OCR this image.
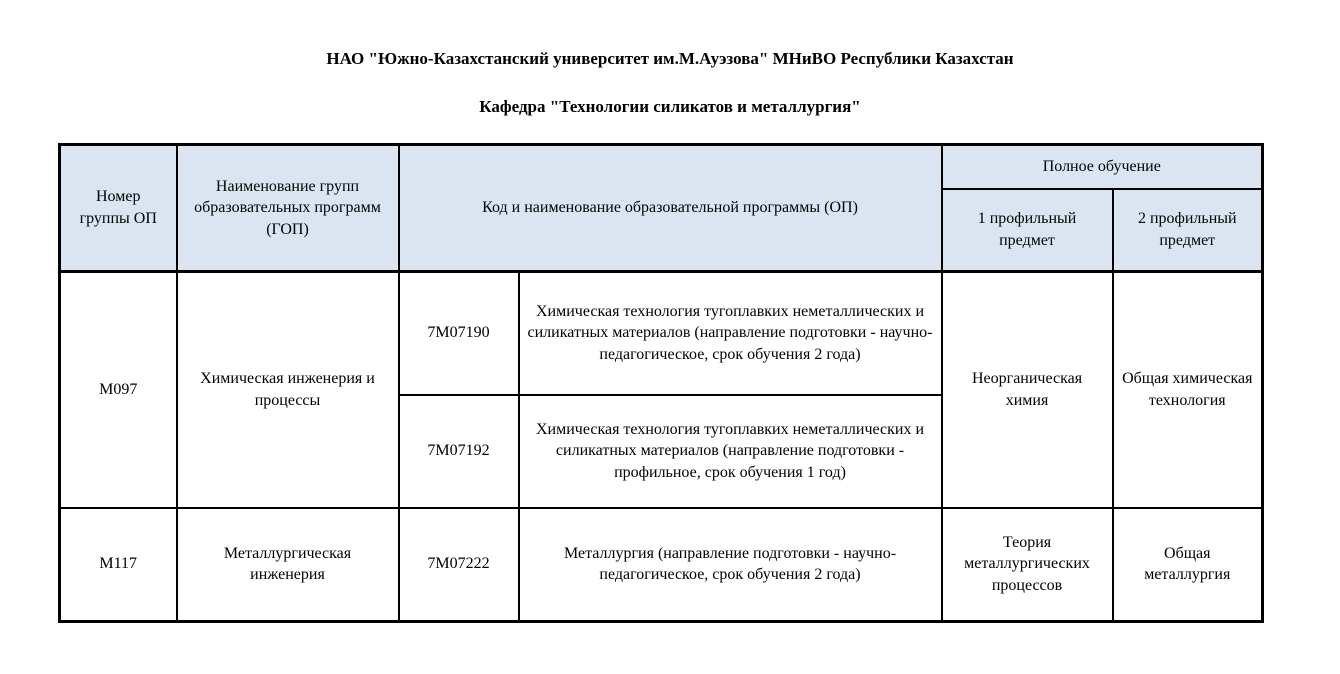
НАО "Южно-Казахстанский университет им.М.Ауэзова" МНиВО Республики Казахстан
Кафедра "Технологии силикатов и металлургия"
Номер группы ОП	Наименование групп образовательных программ (ГОП)	Код и наименование образовательной программы (ОП)		Полное обучение	
				1 профильный предмет	2 профильный предмет
М097	Химическая инженерия и процессы	7М07190	Химическая технология тугоплавких неметаллических и силикатных материалов (направление подготовки - научно-педагогическое, срок обучения 2 года)	Неорганическая химия	Общая химическая технология
		7М07192	Химическая технология тугоплавких неметаллических и силикатных материалов (направление подготовки - профильное, срок обучения 1 год)		
М117	Металлургическая инженерия	7М07222	Металлургия (направление подготовки - научно-педагогическое, срок обучения 2 года)	Теория металлургических процессов	Общая металлургия
